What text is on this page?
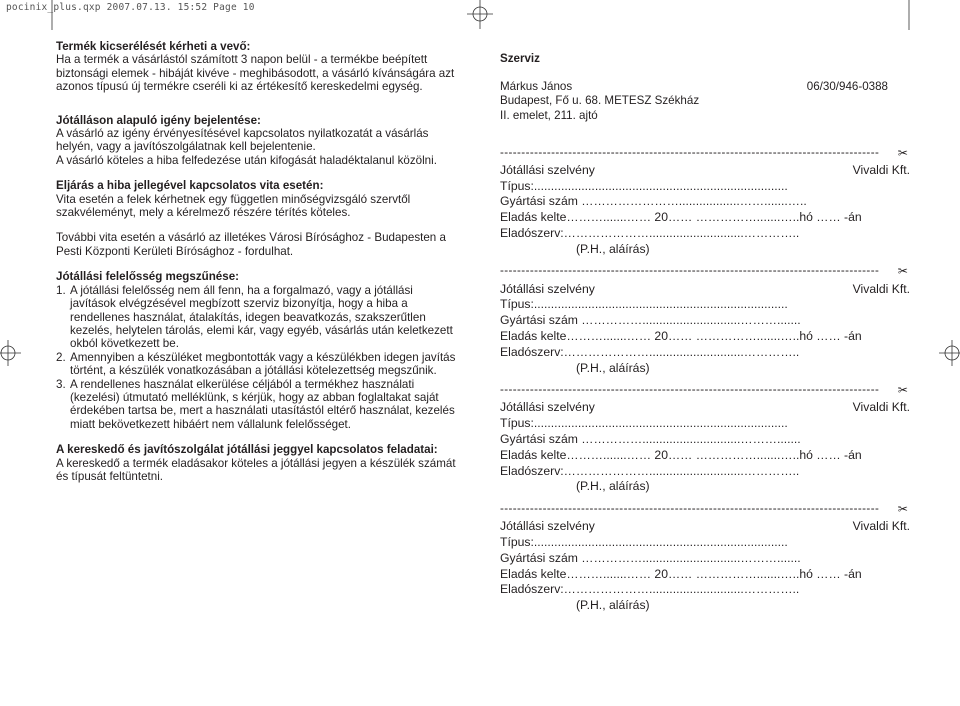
pocinix_plus.qxp 2007.07.13. 15:52 Page 10

Termék kicserélését kérheti a vevő:
Ha a termék a vásárlástól számított 3 napon belül - a termékbe beépített biztonsági elemek - hibáját kivéve - meghibásodott, a vásárló kívánságára azt azonos típusú új termékre cseréli ki az értékesítő kereskedelmi egység.

Jótálláson alapuló igény bejelentése:
A vásárló az igény érvényesítésével kapcsolatos nyilatkozatát a vásárlás helyén, vagy a javítószolgálatnak kell bejelentenie.
A vásárló köteles a hiba felfedezése után kifogását haladéktalanul közölni.

Eljárás a hiba jellegével kapcsolatos vita esetén:
Vita esetén a felek kérhetnek egy független minőségvizsgáló szervtől szakvéleményt, mely a kérelmező részére térítés köteles.

További vita esetén a vásárló az illetékes Városi Bírósághoz - Budapesten a Pesti Központi Kerületi Bírósághoz - fordulhat.

Jótállási felelősség megszűnése:

1. A jótállási felelősség nem áll fenn, ha a forgalmazó, vagy a jótállási javítások elvégzésével megbízott szerviz bizonyítja, hogy a hiba a rendellenes használat, átalakítás, idegen beavatkozás, szakszerűtlen kezelés, helytelen tárolás, elemi kár, vagy egyéb, vásárlás után keletkezett okból következett be.
2. Amennyiben a készüléket megbontották vagy a készülékben idegen javítás történt, a készülék vonatkozásában a jótállási kötelezettség megszűnik.
3. A rendellenes használat elkerülése céljából a termékhez használati (kezelési) útmutató melléklünk, s kérjük, hogy az abban foglaltakat saját érdekében tartsa be, mert a használati utasítástól eltérő használat, kezelés miatt bekövetkezett hibáért nem vállalunk felelősséget.

A kereskedő és javítószolgálat jótállási jeggyel kapcsolatos feladatai:
A kereskedő a termék eladásakor köteles a jótállási jegyen a készülék számát és típusát feltüntetni.

Szerviz
Márkus János	06/30/946-0388
Budapest, Fő u. 68. METESZ Székház
II. emelet, 211. ajtó
-----------------------------------------------------------------------------------------	✂
Jótállási szelvény	Vivaldi Kft.
Típus:...........................................................................
Gyártási szám ……………………..................…….......…..
Eladás kelte……….......…… 20…… …………….......…..hó …… -án
Eladószerv:…………………............................…………..
(P.H., aláírás)
-----------------------------------------------------------------------------------------	✂
Jótállási szelvény	Vivaldi Kft.
Típus:...........................................................................
Gyártási szám …………….............................……….......
Eladás kelte……….......…… 20…… …………….......…..hó …… -án
Eladószerv:…………………............................…………..
(P.H., aláírás)
-----------------------------------------------------------------------------------------	✂
Jótállási szelvény	Vivaldi Kft.
Típus:...........................................................................
Gyártási szám …………….............................……….......
Eladás kelte……….......…… 20…… …………….......…..hó …… -án
Eladószerv:…………………............................…………..
(P.H., aláírás)
-----------------------------------------------------------------------------------------	✂
Jótállási szelvény	Vivaldi Kft.
Típus:...........................................................................
Gyártási szám …………….............................……….......
Eladás kelte……….......…… 20…… …………….......…..hó …… -án
Eladószerv:…………………............................…………..
(P.H., aláírás)
